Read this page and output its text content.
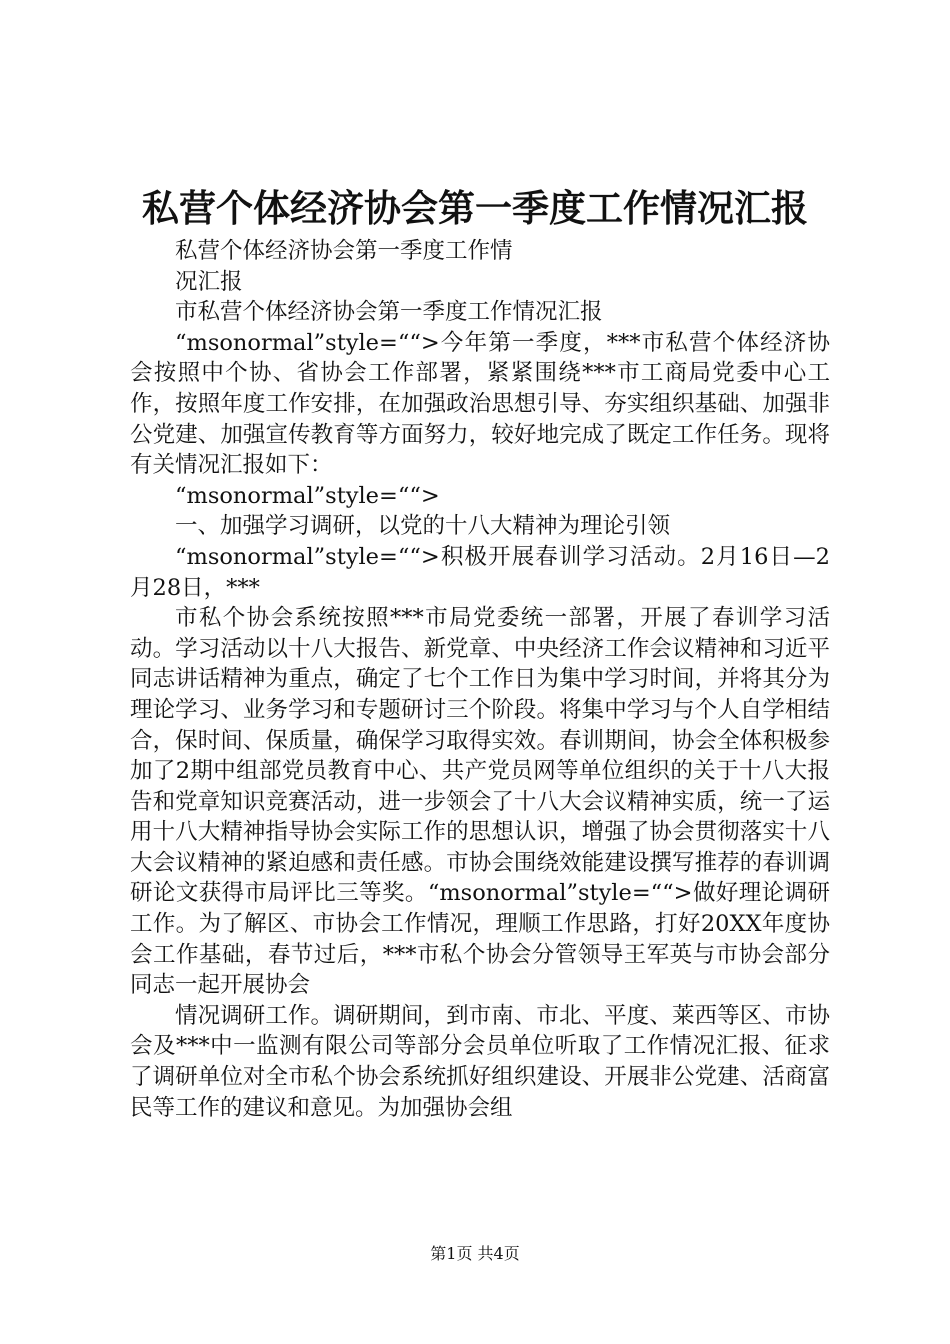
私营个体经济协会第一季度工作情况汇报

私营个体经济协会第一季度工作情

况汇报

市私营个体经济协会第一季度工作情况汇报

“msonormal”style=““>今年第一季度，***市私营个体经济协会按照中个协、省协会工作部署，紧紧围绕***市工商局党委中心工作，按照年度工作安排，在加强政治思想引导、夯实组织基础、加强非公党建、加强宣传教育等方面努力，较好地完成了既定工作任务。现将有关情况汇报如下：

“msonormal”style=““>

一、加强学习调研，以党的十八大精神为理论引领

“msonormal”style=““>积极开展春训学习活动。2月16日—2月28日，***

市私个协会系统按照***市局党委统一部署，开展了春训学习活动。学习活动以十八大报告、新党章、中央经济工作会议精神和习近平同志讲话精神为重点，确定了七个工作日为集中学习时间，并将其分为理论学习、业务学习和专题研讨三个阶段。将集中学习与个人自学相结合，保时间、保质量，确保学习取得实效。春训期间，协会全体积极参加了2期中组部党员教育中心、共产党员网等单位组织的关于十八大报告和党章知识竞赛活动，进一步领会了十八大会议精神实质，统一了运用十八大精神指导协会实际工作的思想认识，增强了协会贯彻落实十八大会议精神的紧迫感和责任感。市协会围绕效能建设撰写推荐的春训调研论文获得市局评比三等奖。“msonormal”style=““>做好理论调研工作。为了解区、市协会工作情况，理顺工作思路，打好20XX年度协会工作基础，春节过后，***市私个协会分管领导王军英与市协会部分同志一起开展协会

情况调研工作。调研期间，到市南、市北、平度、莱西等区、市协会及***中一监测有限公司等部分会员单位听取了工作情况汇报、征求了调研单位对全市私个协会系统抓好组织建设、开展非公党建、活商富民等工作的建议和意见。为加强协会组

第1页 共4页
